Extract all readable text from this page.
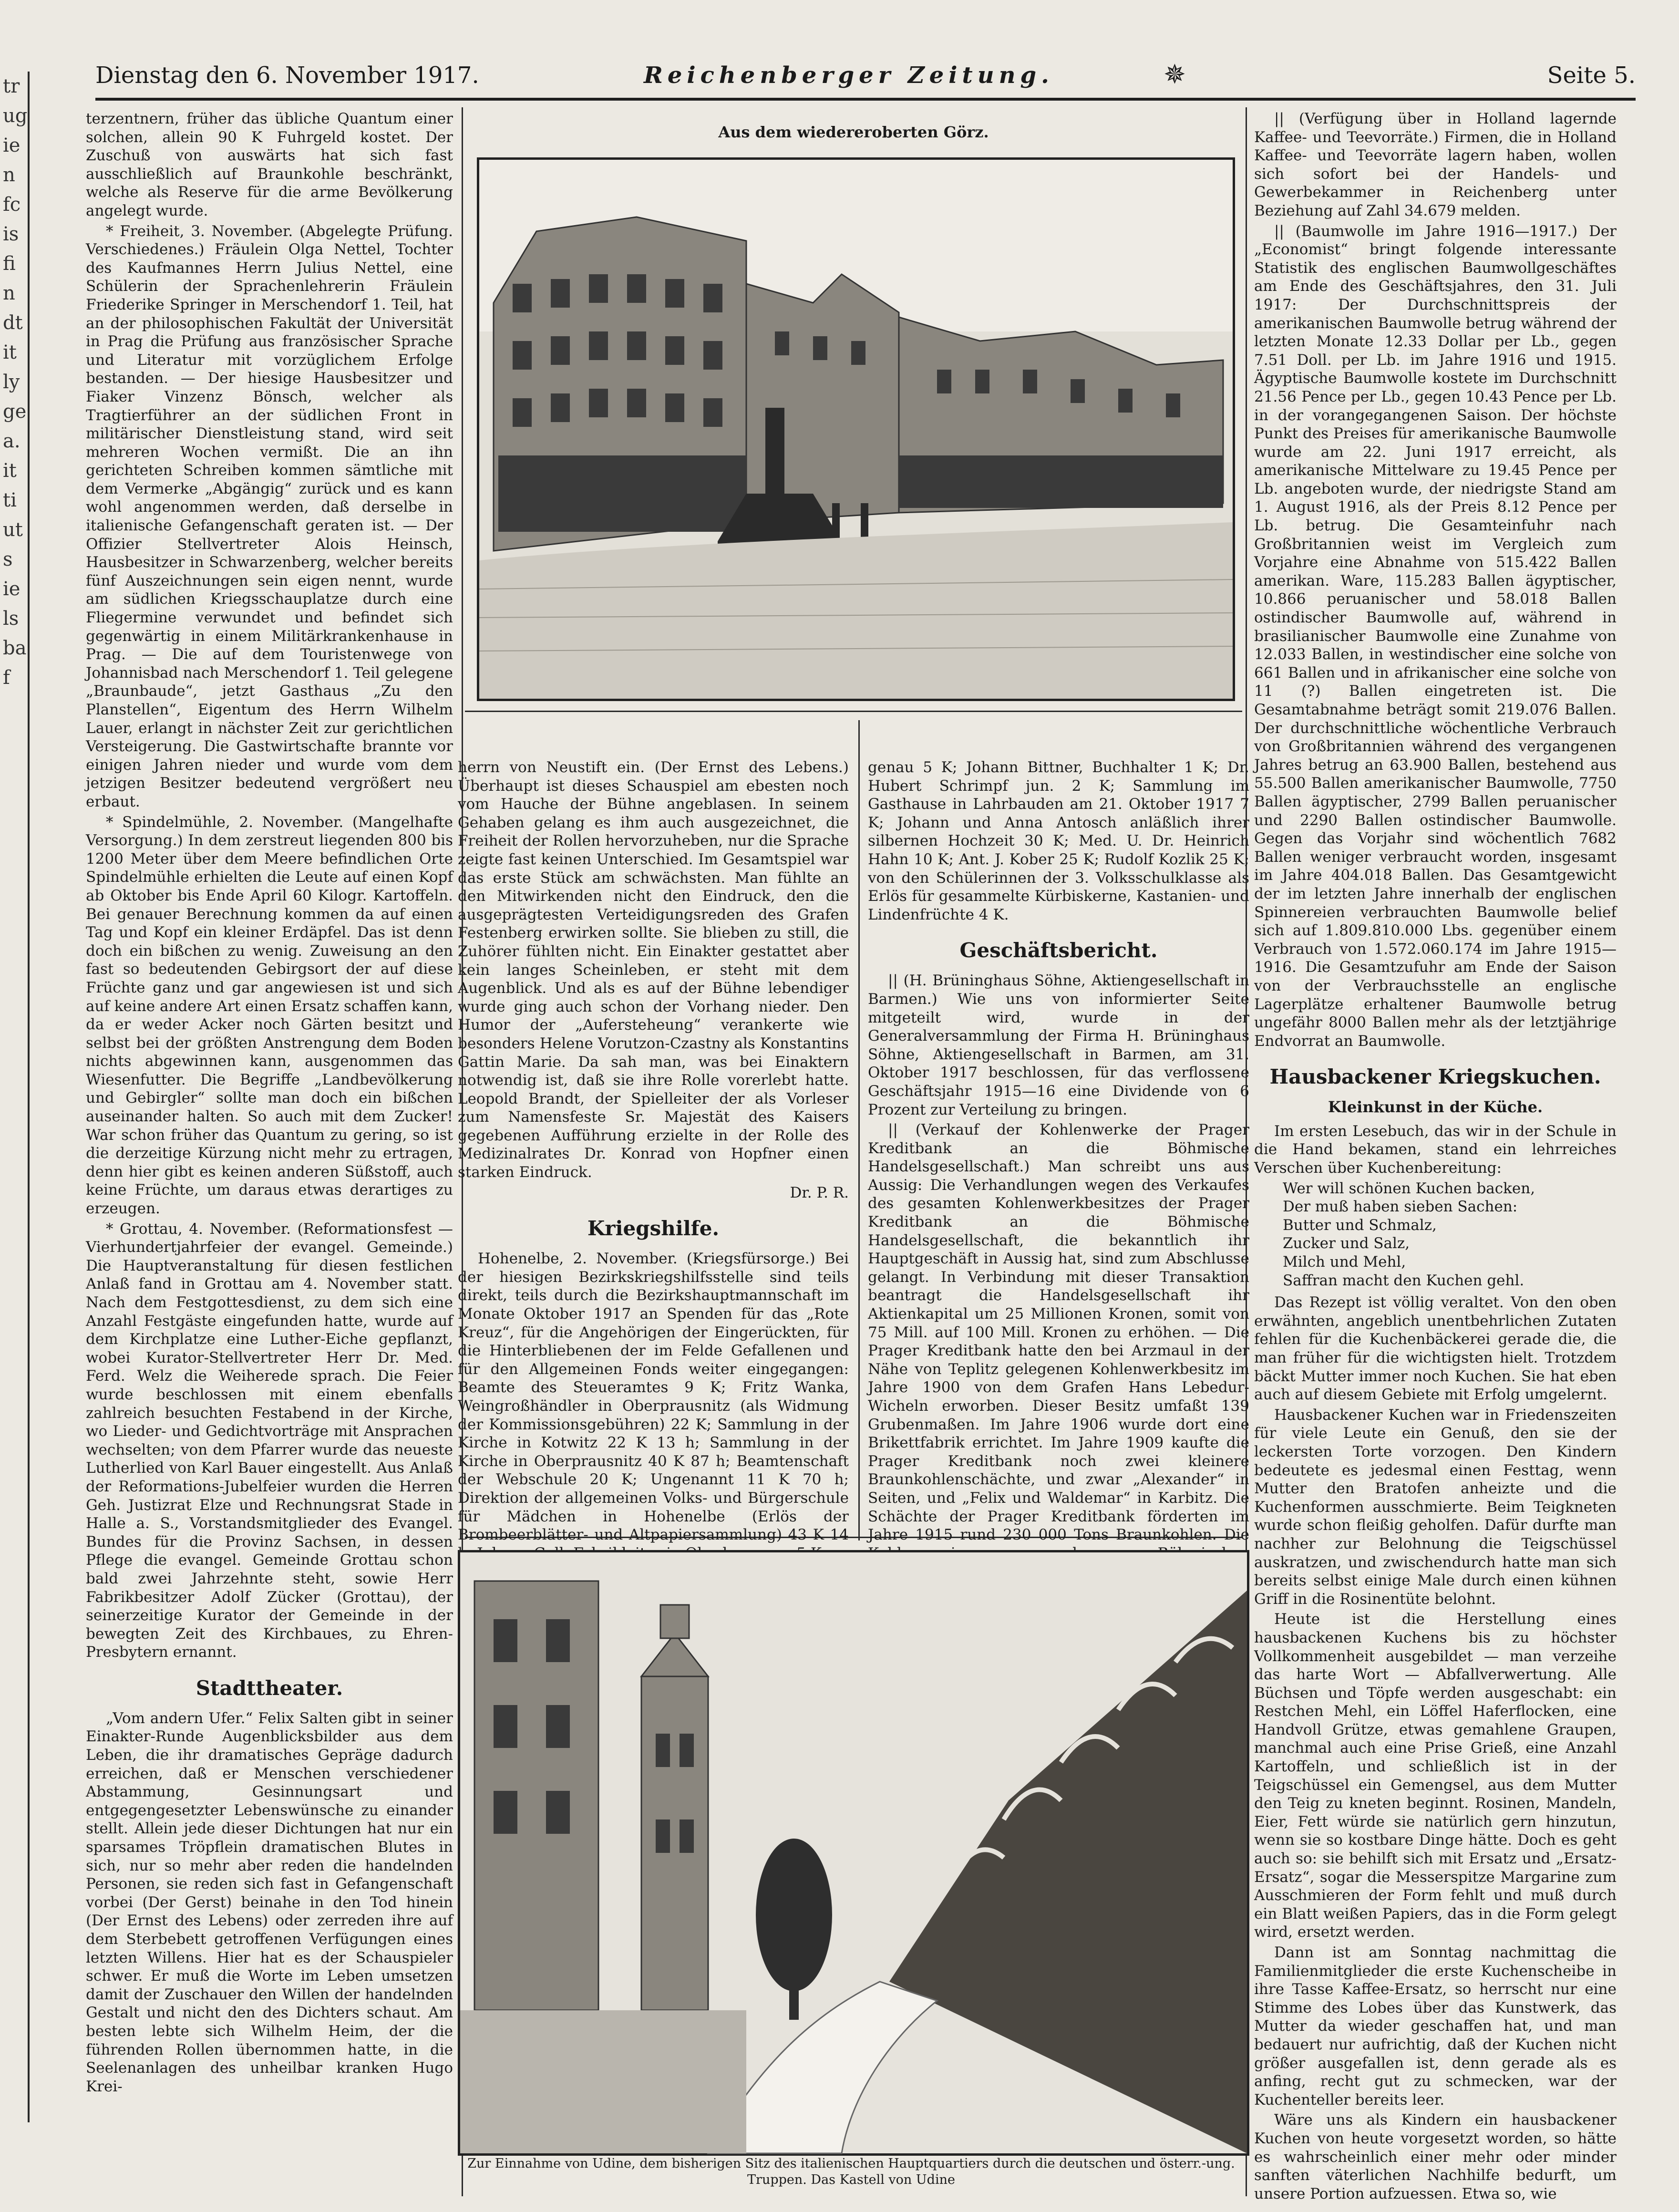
tr ug ie n fc is fi n dt it ly ge a. it ti ut s ie ls ba f
Dienstag den 6. November 1917.	Reichenberger Zeitung.	✵	Seite 5.

terzentnern, früher das übliche Quantum einer solchen, allein 90 K Fuhrgeld kostet. Der Zuschuß von auswärts hat sich fast ausschließlich auf Braunkohle beschränkt, welche als Reserve für die arme Bevölkerung angelegt wurde.

* Freiheit, 3. November. (Abgelegte Prüfung. Verschiedenes.) Fräulein Olga Nettel, Tochter des Kaufmannes Herrn Julius Nettel, eine Schülerin der Sprachenlehrerin Fräulein Friederike Springer in Merschendorf 1. Teil, hat an der philosophischen Fakultät der Universität in Prag die Prüfung aus französischer Sprache und Literatur mit vorzüglichem Erfolge bestanden. — Der hiesige Hausbesitzer und Fiaker Vinzenz Bönsch, welcher als Tragtierführer an der südlichen Front in militärischer Dienstleistung stand, wird seit mehreren Wochen vermißt. Die an ihn gerichteten Schreiben kommen sämtliche mit dem Vermerke „Abgängig“ zurück und es kann wohl angenommen werden, daß derselbe in italienische Gefangenschaft geraten ist. — Der Offizier Stellvertreter Alois Heinsch, Hausbesitzer in Schwarzenberg, welcher bereits fünf Auszeichnungen sein eigen nennt, wurde am südlichen Kriegsschauplatze durch eine Fliegermine verwundet und befindet sich gegenwärtig in einem Militärkrankenhause in Prag. — Die auf dem Touristenwege von Johannisbad nach Merschendorf 1. Teil gelegene „Braunbaude“, jetzt Gasthaus „Zu den Planstellen“, Eigentum des Herrn Wilhelm Lauer, erlangt in nächster Zeit zur gerichtlichen Versteigerung. Die Gastwirtschafte brannte vor einigen Jahren nieder und wurde vom dem jetzigen Besitzer bedeutend vergrößert neu erbaut.

* Spindelmühle, 2. November. (Mangelhafte Versorgung.) In dem zerstreut liegenden 800 bis 1200 Meter über dem Meere befindlichen Orte Spindelmühle erhielten die Leute auf einen Kopf ab Oktober bis Ende April 60 Kilogr. Kartoffeln. Bei genauer Berechnung kommen da auf einen Tag und Kopf ein kleiner Erdäpfel. Das ist denn doch ein bißchen zu wenig. Zuweisung an den fast so bedeutenden Gebirgsort der auf diese Früchte ganz und gar angewiesen ist und sich auf keine andere Art einen Ersatz schaffen kann, da er weder Acker noch Gärten besitzt und selbst bei der größten Anstrengung dem Boden nichts abgewinnen kann, ausgenommen das Wiesenfutter. Die Begriffe „Landbevölkerung und Gebirgler“ sollte man doch ein bißchen auseinander halten. So auch mit dem Zucker! War schon früher das Quantum zu gering, so ist die derzeitige Kürzung nicht mehr zu ertragen, denn hier gibt es keinen anderen Süßstoff, auch keine Früchte, um daraus etwas derartiges zu erzeugen.

* Grottau, 4. November. (Reformationsfest — Vierhundertjahrfeier der evangel. Gemeinde.) Die Hauptveranstaltung für diesen festlichen Anlaß fand in Grottau am 4. November statt. Nach dem Festgottesdienst, zu dem sich eine Anzahl Festgäste eingefunden hatte, wurde auf dem Kirchplatze eine Luther-Eiche gepflanzt, wobei Kurator-Stellvertreter Herr Dr. Med. Ferd. Welz die Weiherede sprach. Die Feier wurde beschlossen mit einem ebenfalls zahlreich besuchten Festabend in der Kirche, wo Lieder- und Gedichtvorträge mit Ansprachen wechselten; von dem Pfarrer wurde das neueste Lutherlied von Karl Bauer eingestellt. Aus Anlaß der Reformations-Jubelfeier wurden die Herren Geh. Justizrat Elze und Rechnungsrat Stade in Halle a. S., Vorstandsmitglieder des Evangel. Bundes für die Provinz Sachsen, in dessen Pflege die evangel. Gemeinde Grottau schon bald zwei Jahrzehnte steht, sowie Herr Fabrikbesitzer Adolf Zücker (Grottau), der seinerzeitige Kurator der Gemeinde in der bewegten Zeit des Kirchbaues, zu Ehren-Presbytern ernannt.

Stadttheater.

„Vom andern Ufer.“ Felix Salten gibt in seiner Einakter-Runde Augenblicksbilder aus dem Leben, die ihr dramatisches Gepräge dadurch erreichen, daß er Menschen verschiedener Abstammung, Gesinnungsart und entgegengesetzter Lebenswünsche zu einander stellt. Allein jede dieser Dichtungen hat nur ein sparsames Tröpflein dramatischen Blutes in sich, nur so mehr aber reden die handelnden Personen, sie reden sich fast in Gefangenschaft vorbei (Der Gerst) beinahe in den Tod hinein (Der Ernst des Lebens) oder zerreden ihre auf dem Sterbebett getroffenen Verfügungen eines letzten Willens. Hier hat es der Schauspieler schwer. Er muß die Worte im Leben umsetzen damit der Zuschauer den Willen der handelnden Gestalt und nicht den des Dichters schaut. Am besten lebte sich Wilhelm Heim, der die führenden Rollen übernommen hatte, in die Seelenanlagen des unheilbar kranken Hugo Krei-

Aus dem wiedereroberten Görz.

herrn von Neustift ein. (Der Ernst des Lebens.) Überhaupt ist dieses Schauspiel am ebesten noch vom Hauche der Bühne angeblasen. In seinem Gehaben gelang es ihm auch ausgezeichnet, die Freiheit der Rollen hervorzuheben, nur die Sprache zeigte fast keinen Unterschied. Im Gesamtspiel war das erste Stück am schwächsten. Man fühlte an den Mitwirkenden nicht den Eindruck, den die ausgeprägtesten Verteidigungsreden des Grafen Festenberg erwirken sollte. Sie blieben zu still, die Zuhörer fühlten nicht. Ein Einakter gestattet aber kein langes Scheinleben, er steht mit dem Augenblick. Und als es auf der Bühne lebendiger wurde ging auch schon der Vorhang nieder. Den Humor der „Aufersteheung“ verankerte wie besonders Helene Vorutzon-Czastny als Konstantins Gattin Marie. Da sah man, was bei Einaktern notwendig ist, daß sie ihre Rolle vorerlebt hatte. Leopold Brandt, der Spielleiter der als Vorleser zum Namensfeste Sr. Majestät des Kaisers gegebenen Aufführung erzielte in der Rolle des Medizinalrates Dr. Konrad von Hopfner einen starken Eindruck.

Dr. P. R.

Kriegshilfe.

Hohenelbe, 2. November. (Kriegsfürsorge.) Bei der hiesigen Bezirkskriegshilfsstelle sind teils direkt, teils durch die Bezirkshauptmannschaft im Monate Oktober 1917 an Spenden für das „Rote Kreuz“, für die Angehörigen der Eingerückten, für die Hinterbliebenen der im Felde Gefallenen und für den Allgemeinen Fonds weiter eingegangen: Beamte des Steueramtes 9 K; Fritz Wanka, Weingroßhändler in Oberprausnitz (als Widmung der Kommissionsgebühren) 22 K; Sammlung in der Kirche in Kotwitz 22 K 13 h; Sammlung in der Kirche in Oberprausnitz 40 K 87 h; Beamtenschaft der Webschule 20 K; Ungenannt 11 K 70 h; Direktion der allgemeinen Volks- und Bürgerschule für Mädchen in Hohenelbe (Erlös der Brombeerblätter- und Altpapiersammlung) 43 K 14

genau 5 K; Johann Bittner, Buchhalter 1 K; Dr. Hubert Schrimpf jun. 2 K; Sammlung im Gasthause in Lahrbauden am 21. Oktober 1917 7 K; Johann und Anna Antosch anläßlich ihrer silbernen Hochzeit 30 K; Med. U. Dr. Heinrich Hahn 10 K; Ant. J. Kober 25 K; Rudolf Kozlik 25 K; von den Schülerinnen der 3. Volksschulklasse als Erlös für gesammelte Kürbiskerne, Kastanien- und Lindenfrüchte 4 K.

Geschäftsbericht.

|| (H. Brüninghaus Söhne, Aktiengesellschaft in Barmen.) Wie uns von informierter Seite mitgeteilt wird, wurde in der Generalversammlung der Firma H. Brüninghaus Söhne, Aktiengesellschaft in Barmen, am 31. Oktober 1917 beschlossen, für das verflossene Geschäftsjahr 1915—16 eine Dividende von 6 Prozent zur Verteilung zu bringen.

|| (Verkauf der Kohlenwerke der Prager Kreditbank an die Böhmische Handelsgesellschaft.) Man schreibt uns aus Aussig: Die Verhandlungen wegen des Verkaufes des gesamten Kohlenwerkbesitzes der Prager Kreditbank an die Böhmische Handelsgesellschaft, die bekanntlich ihr Hauptgeschäft in Aussig hat, sind zum Abschlusse gelangt. In Verbindung mit dieser Transaktion beantragt die Handelsgesellschaft ihr Aktienkapital um 25 Millionen Kronen, somit von 75 Mill. auf 100 Mill. Kronen zu erhöhen. — Die Prager Kreditbank hatte den bei Arzmaul in der Nähe von Teplitz gelegenen Kohlenwerkbesitz im Jahre 1900 von dem Grafen Hans Lebedur-Wicheln erworben. Dieser Besitz umfaßt 139 Grubenmaßen. Im Jahre 1906 wurde dort eine Brikettfabrik errichtet. Im Jahre 1909 kaufte die Prager Kreditbank noch zwei kleinere Braunkohlenschächte, und zwar „Alexander“ in Seiten, und „Felix und Waldemar“ in Karbitz. Die Schächte der Prager Kreditbank förderten im Jahre 1915 rund 230 000 Tons Braunkohlen. Die

Zur Einnahme von Udine, dem bisherigen Sitz des italienischen Hauptquartiers durch die deutschen und österr.-ung. Truppen. Das Kastell von Udine

|| (Verfügung über in Holland lagernde Kaffee- und Teevorräte.) Firmen, die in Holland Kaffee- und Teevorräte lagern haben, wollen sich sofort bei der Handels- und Gewerbekammer in Reichenberg unter Beziehung auf Zahl 34.679 melden.

|| (Baumwolle im Jahre 1916—1917.) Der „Economist“ bringt folgende interessante Statistik des englischen Baumwollgeschäftes am Ende des Geschäftsjahres, den 31. Juli 1917: Der Durchschnittspreis der amerikanischen Baumwolle betrug während der letzten Monate 12.33 Dollar per Lb., gegen 7.51 Doll. per Lb. im Jahre 1916 und 1915. Ägyptische Baumwolle kostete im Durchschnitt 21.56 Pence per Lb., gegen 10.43 Pence per Lb. in der vorangegangenen Saison. Der höchste Punkt des Preises für amerikanische Baumwolle wurde am 22. Juni 1917 erreicht, als amerikanische Mittelware zu 19.45 Pence per Lb. angeboten wurde, der niedrigste Stand am 1. August 1916, als der Preis 8.12 Pence per Lb. betrug. Die Gesamteinfuhr nach Großbritannien weist im Vergleich zum Vorjahre eine Abnahme von 515.422 Ballen amerikan. Ware, 115.283 Ballen ägyptischer, 10.866 peruanischer und 58.018 Ballen ostindischer Baumwolle auf, während in brasilianischer Baumwolle eine Zunahme von 12.033 Ballen, in westindischer eine solche von 661 Ballen und in afrikanischer eine solche von 11 (?) Ballen eingetreten ist. Die Gesamtabnahme beträgt somit 219.076 Ballen. Der durchschnittliche wöchentliche Verbrauch von Großbritannien während des vergangenen Jahres betrug an 63.900 Ballen, bestehend aus 55.500 Ballen amerikanischer Baumwolle, 7750 Ballen ägyptischer, 2799 Ballen peruanischer und 2290 Ballen ostindischer Baumwolle. Gegen das Vorjahr sind wöchentlich 7682 Ballen weniger verbraucht worden, insgesamt im Jahre 404.018 Ballen. Das Gesamtgewicht der im letzten Jahre innerhalb der englischen Spinnereien verbrauchten Baumwolle belief sich auf 1.809.810.000 Lbs. gegenüber einem Verbrauch von 1.572.060.174 im Jahre 1915—1916. Die Gesamtzufuhr am Ende der Saison von der Verbrauchsstelle an englische Lagerplätze erhaltener Baumwolle betrug ungefähr 8000 Ballen mehr als der letztjährige Endvorrat an Baumwolle.

Hausbackener Kriegskuchen.
Kleinkunst in der Küche.

Im ersten Lesebuch, das wir in der Schule in die Hand bekamen, stand ein lehrreiches Verschen über Kuchenbereitung:

Wer will schönen Kuchen backen,
Der muß haben sieben Sachen:
Butter und Schmalz,
Zucker und Salz,
Milch und Mehl,
Saffran macht den Kuchen gehl.

Das Rezept ist völlig veraltet. Von den oben erwähnten, angeblich unentbehrlichen Zutaten fehlen für die Kuchenbäckerei gerade die, die man früher für die wichtigsten hielt. Trotzdem bäckt Mutter immer noch Kuchen. Sie hat eben auch auf diesem Gebiete mit Erfolg umgelernt.

Hausbackener Kuchen war in Friedenszeiten für viele Leute ein Genuß, den sie der leckersten Torte vorzogen. Den Kindern bedeutete es jedesmal einen Festtag, wenn Mutter den Bratofen anheizte und die Kuchenformen ausschmierte. Beim Teigkneten wurde schon fleißig geholfen. Dafür durfte man nachher zur Belohnung die Teigschüssel auskratzen, und zwischendurch hatte man sich bereits selbst einige Male durch einen kühnen Griff in die Rosinentüte belohnt.

Heute ist die Herstellung eines hausbackenen Kuchens bis zu höchster Vollkommenheit ausgebildet — man verzeihe das harte Wort — Abfallverwertung. Alle Büchsen und Töpfe werden ausgeschabt: ein Restchen Mehl, ein Löffel Haferflocken, eine Handvoll Grütze, etwas gemahlene Graupen, manchmal auch eine Prise Grieß, eine Anzahl Kartoffeln, und schließlich ist in der Teigschüssel ein Gemengsel, aus dem Mutter den Teig zu kneten beginnt. Rosinen, Mandeln, Eier, Fett würde sie natürlich gern hinzutun, wenn sie so kostbare Dinge hätte. Doch es geht auch so: sie behilft sich mit Ersatz und „Ersatz-Ersatz“, sogar die Messerspitze Margarine zum Ausschmieren der Form fehlt und muß durch ein Blatt weißen Papiers, das in die Form gelegt wird, ersetzt werden.

Dann ist am Sonntag nachmittag die Familienmitglieder die erste Kuchenscheibe in ihre Tasse Kaffee-Ersatz, so herrscht nur eine Stimme des Lobes über das Kunstwerk, das Mutter da wieder geschaffen hat, und man bedauert nur aufrichtig, daß der Kuchen nicht größer ausgefallen ist, denn gerade als es anfing, recht gut zu schmecken, war der Kuchenteller bereits leer.

Wäre uns als Kindern ein hausbackener Kuchen von heute vorgesetzt worden, so hätte es wahrscheinlich einer mehr oder minder sanften väterlichen Nachhilfe bedurft, um unsere Portion aufzuessen. Etwa so, wie
